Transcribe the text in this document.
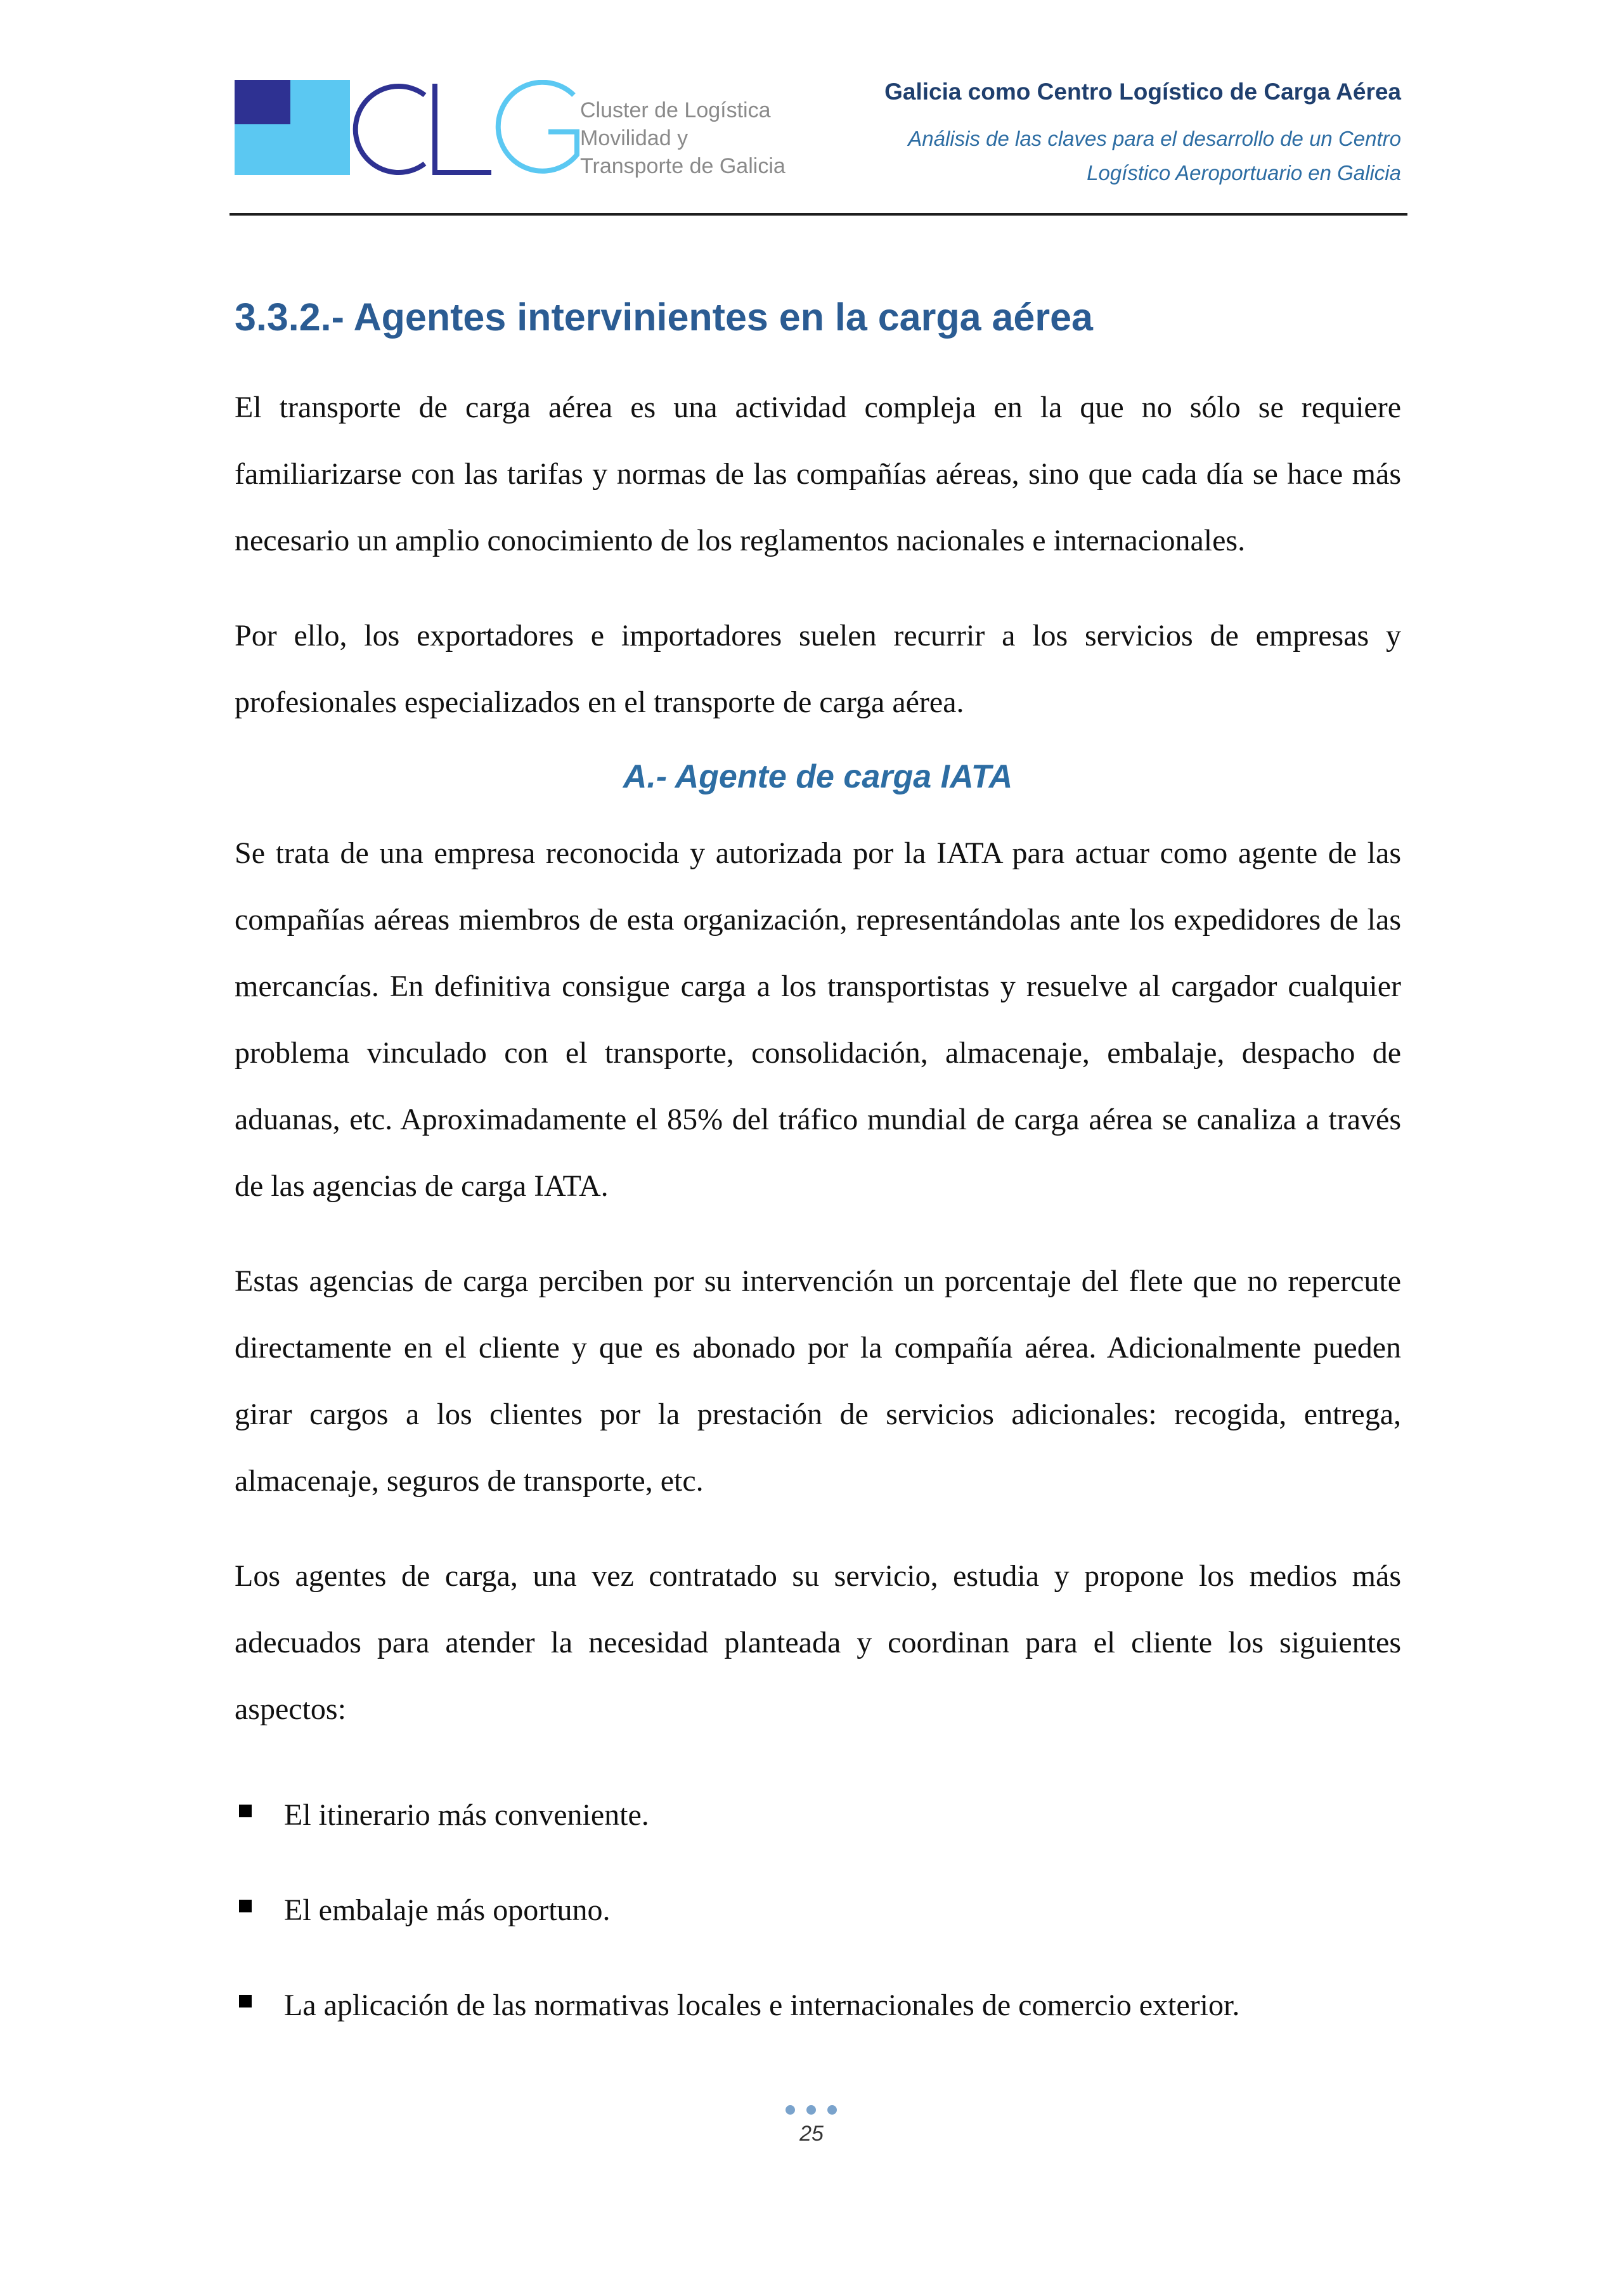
Cluster de Logística
Movilidad y
Transporte de Galicia
Galicia como Centro Logístico de Carga Aérea
Análisis de las claves para el desarrollo de un Centro
Logístico Aeroportuario en Galicia
3.3.2.- Agentes intervinientes en la carga aérea

El transporte de carga aérea es una actividad compleja en la que no sólo se requiere familiarizarse con las tarifas y normas de las compañías aéreas, sino que cada día se hace más necesario un amplio conocimiento de los reglamentos nacionales e internacionales.

Por ello, los exportadores e importadores suelen recurrir a los servicios de empresas y profesionales especializados en el transporte de carga aérea.

A.- Agente de carga IATA

Se trata de una empresa reconocida y autorizada por la IATA para actuar como agente de las compañías aéreas miembros de esta organización, representándolas ante los expedidores de las mercancías. En definitiva consigue carga a los transportistas y resuelve al cargador cualquier problema vinculado con el transporte, consolidación, almacenaje, embalaje, despacho de aduanas, etc. Aproximadamente el 85% del tráfico mundial de carga aérea se canaliza a través de las agencias de carga IATA.

Estas agencias de carga perciben por su intervención un porcentaje del flete que no repercute directamente en el cliente y que es abonado por la compañía aérea. Adicionalmente pueden girar cargos a los clientes por la prestación de servicios adicionales: recogida, entrega, almacenaje, seguros de transporte, etc.

Los agentes de carga, una vez contratado su servicio, estudia y propone los medios más adecuados para atender la necesidad planteada y coordinan para el cliente los siguientes aspectos:

El itinerario más conveniente.
El embalaje más oportuno.
La aplicación de las normativas locales e internacionales de comercio exterior.
25
